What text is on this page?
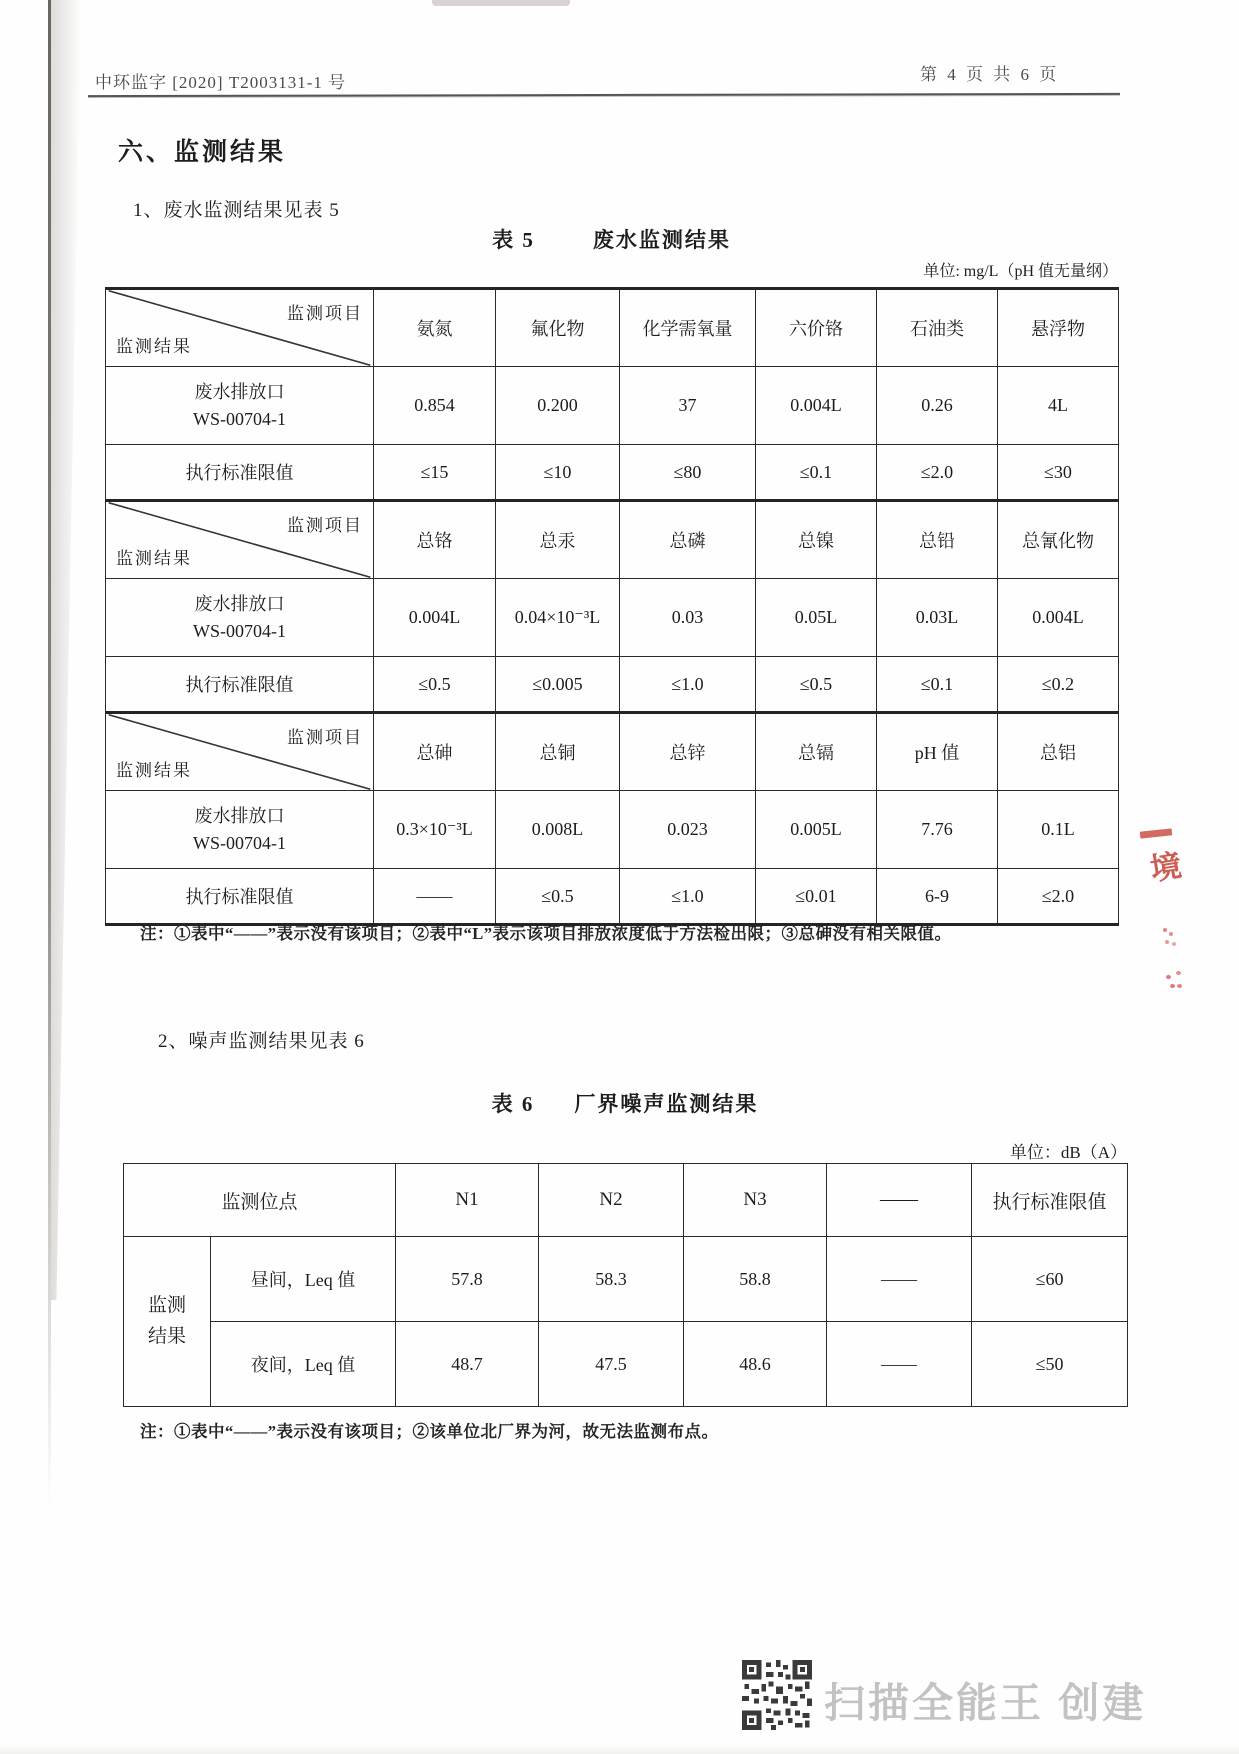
中环监字 [2020] T2003131-1 号	第 4 页 共 6 页
六、监测结果
1、废水监测结果见表 5
表 5	废水监测结果
单位: mg/L（pH 值无量纲）
监测项目
监测结果	氨氮	氟化物	化学需氧量	六价铬	石油类	悬浮物

废水排放口
WS-00704-1	0.854	0.200	37	0.004L	0.26	4L
执行标准限值	≤15	≤10	≤80	≤0.1	≤2.0	≤30

监测项目
监测结果	总铬	总汞	总磷	总镍	总铅	总氰化物

废水排放口
WS-00704-1	0.004L	0.04×10⁻³L	0.03	0.05L	0.03L	0.004L
执行标准限值	≤0.5	≤0.005	≤1.0	≤0.5	≤0.1	≤0.2

监测项目
监测结果	总砷	总铜	总锌	总镉	pH 值	总铝

废水排放口
WS-00704-1	0.3×10⁻³L	0.008L	0.023	0.005L	7.76	0.1L
执行标准限值	——	≤0.5	≤1.0	≤0.01	6-9	≤2.0
注：①表中“——”表示没有该项目；②表中“L”表示该项目排放浓度低于方法检出限；③总砷没有相关限值。
2、噪声监测结果见表 6
表 6 厂界噪声监测结果
单位：dB（A）
监测位点		N1	N2	N3	——	执行标准限值

监测
结果	昼间，Leq 值	57.8	58.3	58.8	——	≤60
	夜间，Leq 值	48.7	47.5	48.6	——	≤50
注：①表中“——”表示没有该项目；②该单位北厂界为河，故无法监测布点。
境
扫描全能王 创建
